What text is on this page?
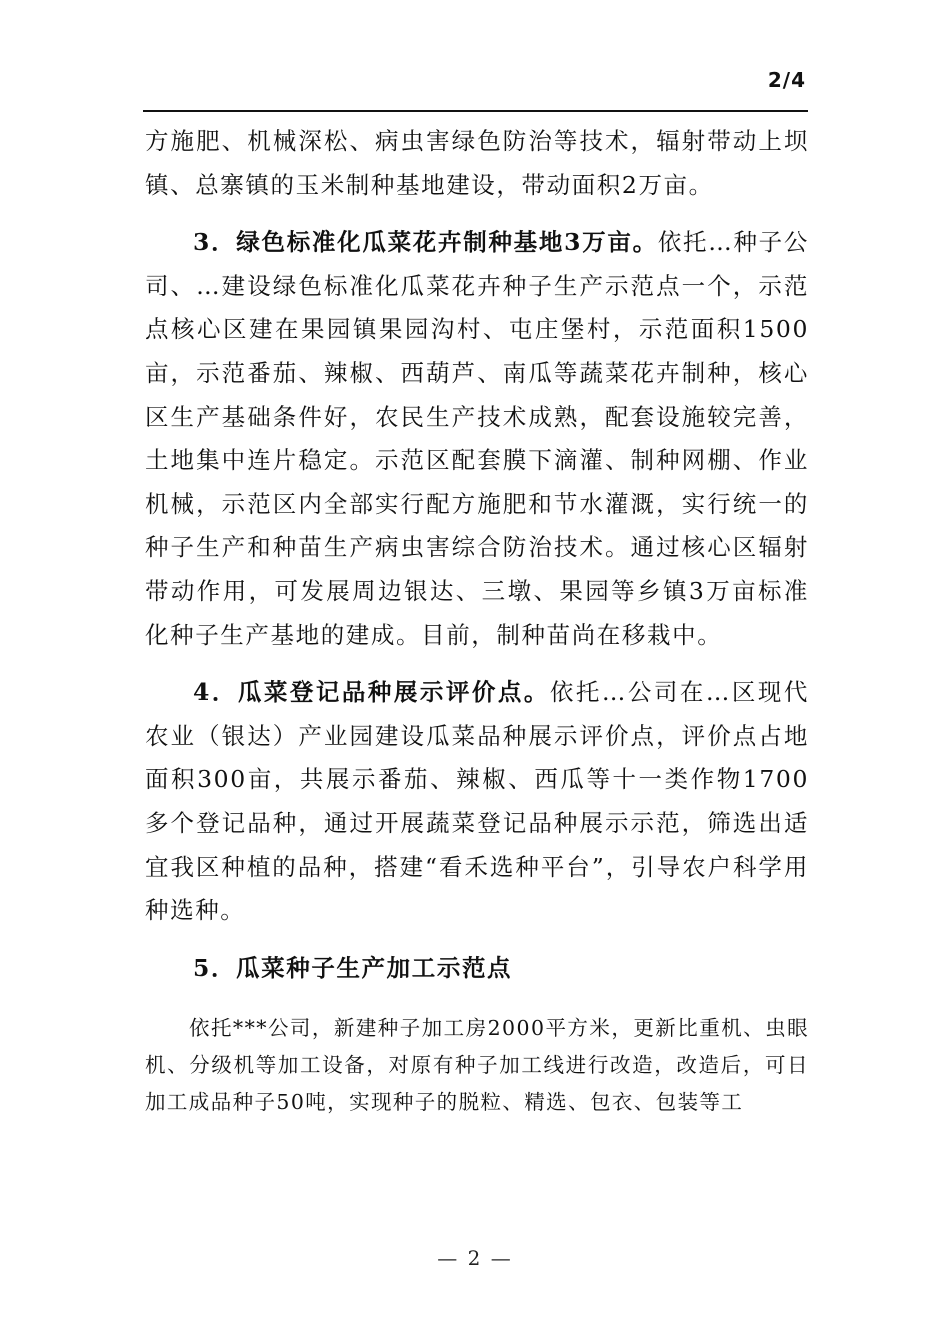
2/4

方施肥、机械深松、病虫害绿色防治等技术，辐射带动上坝镇、总寨镇的玉米制种基地建设，带动面积2万亩。

3．绿色标准化瓜菜花卉制种基地3万亩。依托…种子公司、…建设绿色标准化瓜菜花卉种子生产示范点一个，示范点核心区建在果园镇果园沟村、屯庄堡村，示范面积1500亩，示范番茄、辣椒、西葫芦、南瓜等蔬菜花卉制种，核心区生产基础条件好，农民生产技术成熟，配套设施较完善，土地集中连片稳定。示范区配套膜下滴灌、制种网棚、作业机械，示范区内全部实行配方施肥和节水灌溉，实行统一的种子生产和种苗生产病虫害综合防治技术。通过核心区辐射带动作用，可发展周边银达、三墩、果园等乡镇3万亩标准化种子生产基地的建成。目前，制种苗尚在移栽中。

4．瓜菜登记品种展示评价点。依托…公司在…区现代农业（银达）产业园建设瓜菜品种展示评价点，评价点占地面积300亩，共展示番茄、辣椒、西瓜等十一类作物1700多个登记品种，通过开展蔬菜登记品种展示示范，筛选出适宜我区种植的品种，搭建“看禾选种平台”，引导农户科学用种选种。

5．瓜菜种子生产加工示范点

依托***公司，新建种子加工房2000平方米，更新比重机、虫眼机、分级机等加工设备，对原有种子加工线进行改造，改造后，可日加工成品种子50吨，实现种子的脱粒、精选、包衣、包装等工

— 2 —
